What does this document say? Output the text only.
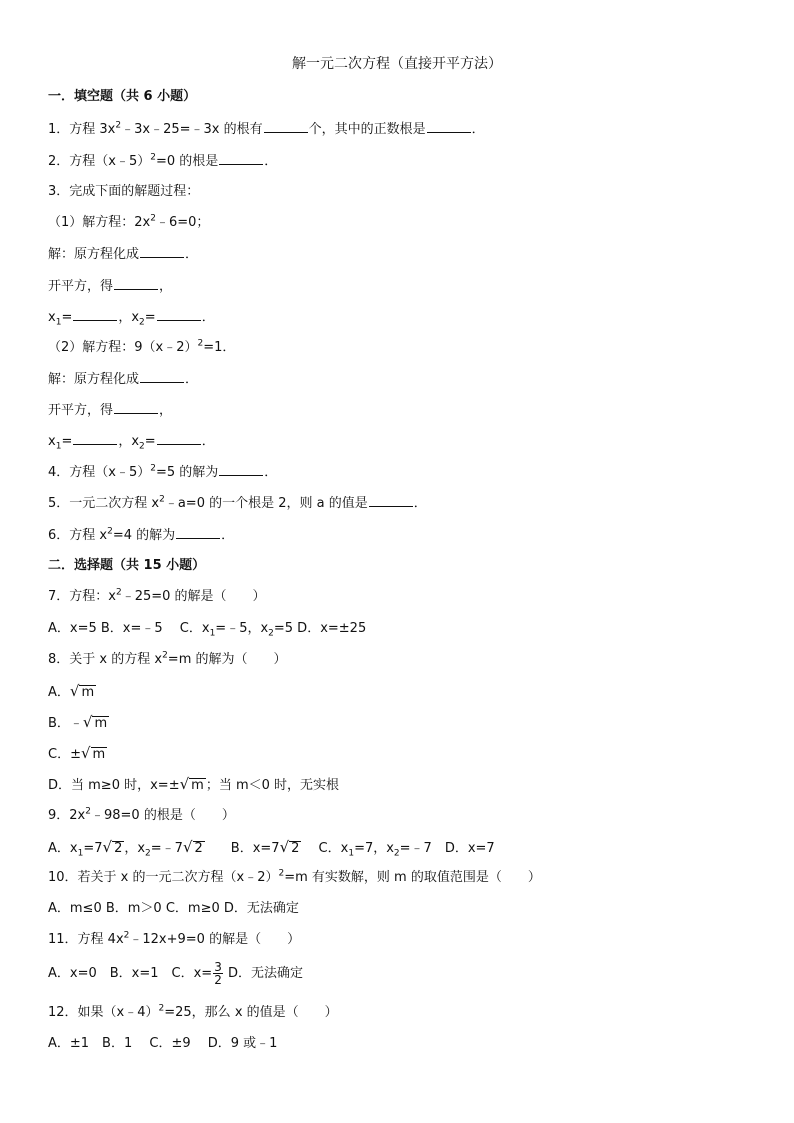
解一元二次方程（直接开平方法）
一．填空题（共 6 小题）
1．方程 $3x^2﹣3x﹣25=﹣3x$ 的根有	个，其中的正数根是	．
2．方程（x﹣5）$^2$=0 的根是	．
3．完成下面的解题过程：
（1）解方程：$2x^2﹣6=0$；
解：原方程化成	．
开平方，得	，
$x_1=$	，$x_2=$	．
（2）解方程：9（x﹣2）$^2$=1．
解：原方程化成	．
开平方，得	，
$x_1=$	，$x_2=$	．
4．方程（x﹣5）$^2$=5 的解为	．
5．一元二次方程 $x^2﹣a=0$ 的一个根是 2，则 a 的值是	．
6．方程 $x^2=4$ 的解为	．
二．选择题（共 15 小题）
7．方程：$x^2﹣25=0$ 的解是（　　）
A．x=5 B．x=﹣5　 C．$x_1=﹣5$，$x_2=5$ D．x=±25
8．关于 x 的方程 $x^2=m$ 的解为（　　）
A．√ m
B．﹣√ m
C．±√ m
D．当 m≥0 时，x=±√ m ；当 m＜0 时，无实根
9．$2x^2﹣98=0$ 的根是（　　）
A．$x_1=7√$ 2 ，$x_2=﹣7√$ 2　　B．x=7√ 2　 C．$x_1=7$，$x_2=﹣7$　D．x=7
10．若关于 x 的一元二次方程（x﹣2）$^2$=m 有实数解，则 m 的取值范围是（　　）
A．m≤0 B．m＞0 C．m≥0 D．无法确定
11．方程 $4x^2﹣12x+9=0$ 的解是（　　）
A．x=0　B．x=1　C．$x= \frac{3}{2}$ D．无法确定
12．如果（x﹣4）$^2$=25，那么 x 的值是（　　）
A．±1　B．1　 C．±9　 D．9 或﹣1
